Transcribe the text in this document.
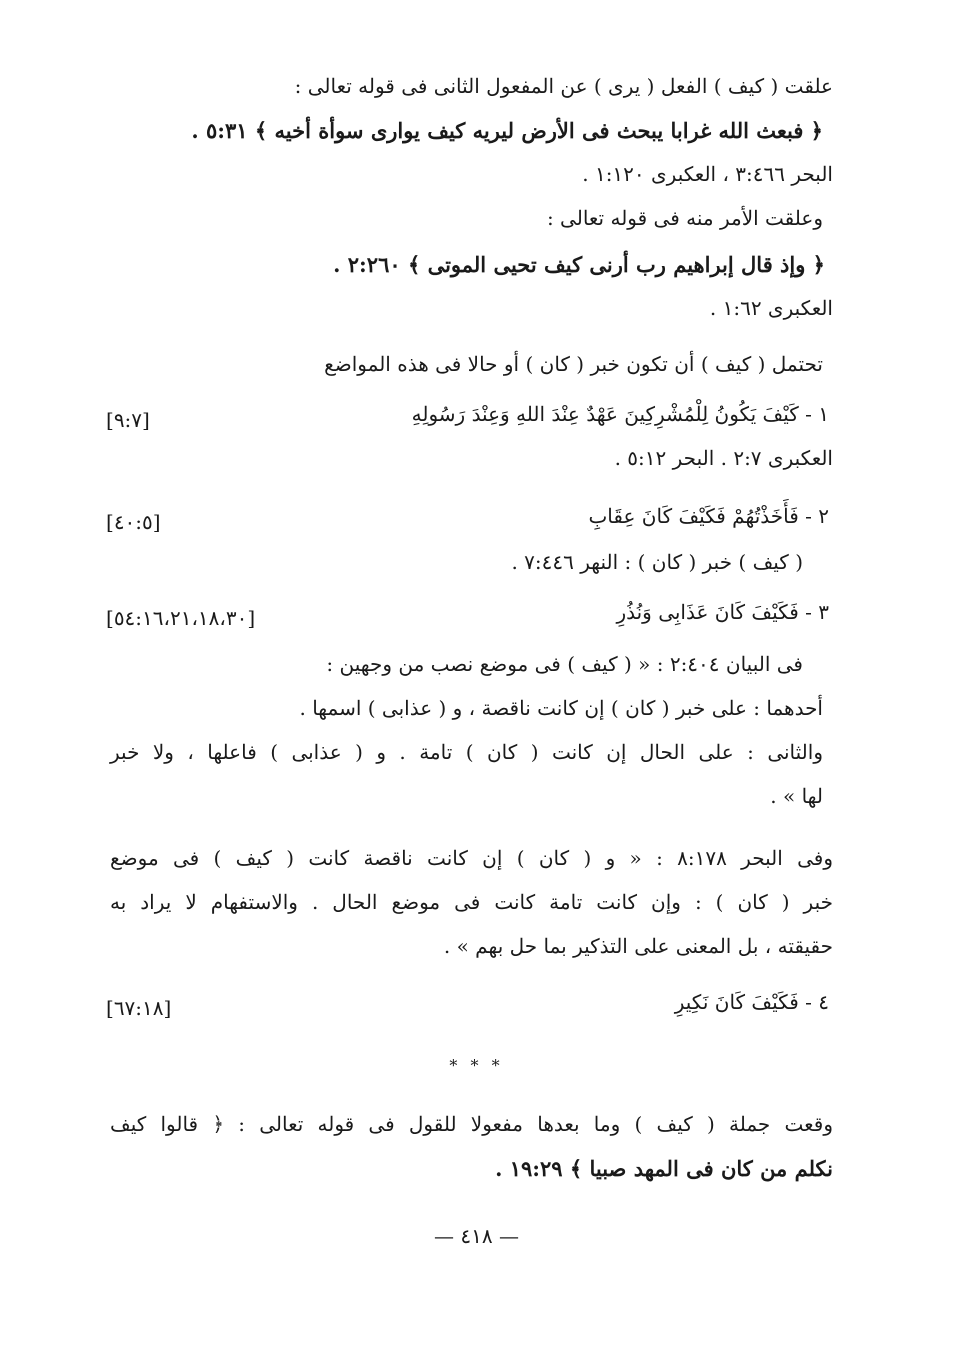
علقت ( كيف ) الفعل ( يرى ) عن المفعول الثانى فى قوله تعالى :
﴿ فبعث الله غرابا يبحث فى الأرض ليريه كيف يوارى سوأة أخيه ﴾ ٥:٣١ .
البحر ٣:٤٦٦ ، العكبرى ١:١٢٠ .
وعلقت الأمر منه فى قوله تعالى :
﴿ وإذ قال إبراهيم رب أرنى كيف تحيى الموتى ﴾ ٢:٢٦٠ .
العكبرى ١:٦٢ .
تحتمل ( كيف ) أن تكون خبر ( كان ) أو حالا فى هذه المواضع
١ - كَيْفَ يَكُونُ لِلْمُشْرِكِينَ عَهْدٌ عِنْدَ اللهِ وَعِنْدَ رَسُولِهِ
[٩:٧]
العكبرى ٢:٧ . البحر ٥:١٢ .
٢ - فَأَخَذْتُهُمْ فَكَيْفَ كَانَ عِقَابِ
[٤٠:٥]
( كيف ) خبر ( كان ) : النهر ٧:٤٤٦ .
٣ - فَكَيْفَ كَانَ عَذَابِى وَنُذُرِ
[٥٤:١٦،٢١،١٨،٣٠]
فى البيان ٢:٤٠٤ : « ( كيف ) فى موضع نصب من وجهين :
أحدهما : على خبر ( كان ) إن كانت ناقصة ، و ( عذابى ) اسمها .
والثانى : على الحال إن كانت ( كان ) تامة . و ( عذابى ) فاعلها ، ولا خبر
لها » .
وفى البحر ٨:١٧٨ : « و ( كان ) إن كانت ناقصة كانت ( كيف ) فى موضع
خبر ( كان ) : وإن كانت تامة كانت فى موضع الحال . والاستفهام لا يراد به
حقيقته ، بل المعنى على التذكير بما حل بهم » .
٤ - فَكَيْفَ كَانَ نَكِيرِ
[٦٧:١٨]
* * *
وقعت جملة ( كيف ) وما بعدها مفعولا للقول فى قوله تعالى : ﴿ قالوا كيف
نكلم من كان فى المهد صبيا ﴾ ١٩:٢٩ .
— ٤١٨ —
